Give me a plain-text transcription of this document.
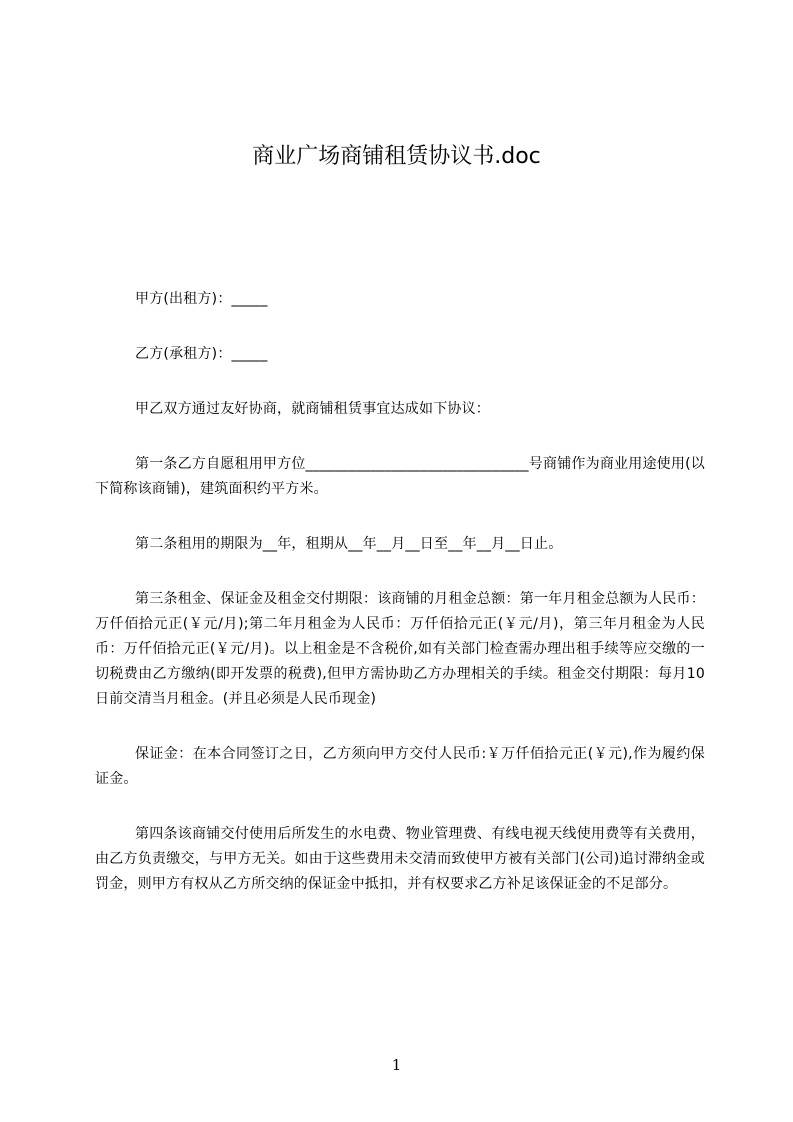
商业广场商铺租赁协议书.doc

甲方(出租方)：_____

乙方(承租方)：_____

甲乙双方通过友好协商，就商铺租赁事宜达成如下协议：

第一条乙方自愿租用甲方位_______________________________号商铺作为商业用途使用(以下简称该商铺)，建筑面积约平方米。

第二条租用的期限为__年，租期从__年__月__日至__年__月__日止。

第三条租金、保证金及租金交付期限：该商铺的月租金总额：第一年月租金总额为人民币：万仟佰拾元正(￥元/月);第二年月租金为人民币：万仟佰拾元正(￥元/月)，第三年月租金为人民币：万仟佰拾元正(￥元/月)。以上租金是不含税价,如有关部门检查需办理出租手续等应交缴的一切税费由乙方缴纳(即开发票的税费),但甲方需协助乙方办理相关的手续。租金交付期限：每月10日前交清当月租金。(并且必须是人民币现金)

保证金：在本合同签订之日，乙方须向甲方交付人民币:￥万仟佰拾元正(￥元),作为履约保证金。

第四条该商铺交付使用后所发生的水电费、物业管理费、有线电视天线使用费等有关费用，由乙方负责缴交，与甲方无关。如由于这些费用未交清而致使甲方被有关部门(公司)追讨滞纳金或罚金，则甲方有权从乙方所交纳的保证金中抵扣，并有权要求乙方补足该保证金的不足部分。

1
